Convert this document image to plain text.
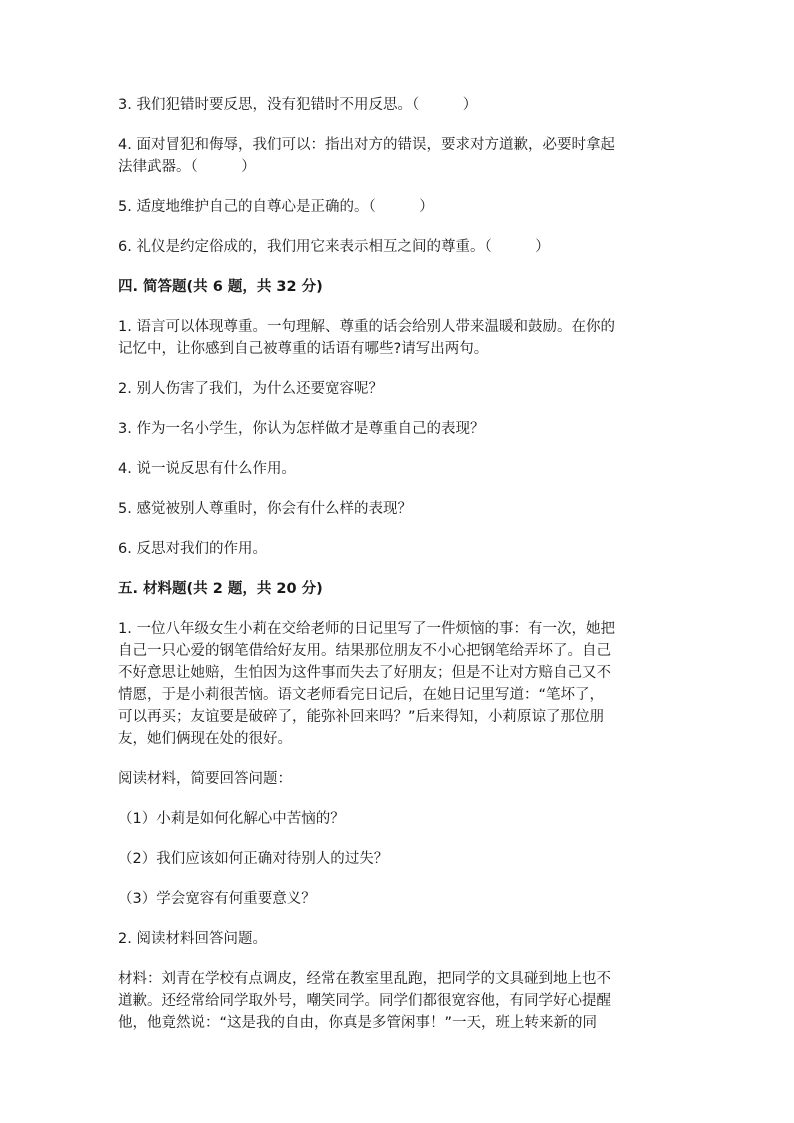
3. 我们犯错时要反思，没有犯错时不用反思。（　　　）

4. 面对冒犯和侮辱，我们可以：指出对方的错误，要求对方道歉，必要时拿起

法律武器。（　　　）

5. 适度地维护自己的自尊心是正确的。（　　　）

6. 礼仪是约定俗成的，我们用它来表示相互之间的尊重。（　　　）

四. 简答题(共 6 题，共 32 分)

1. 语言可以体现尊重。一句理解、尊重的话会给别人带来温暖和鼓励。在你的

记忆中，让你感到自己被尊重的话语有哪些?请写出两句。

2. 别人伤害了我们，为什么还要宽容呢？

3. 作为一名小学生，你认为怎样做才是尊重自己的表现？

4. 说一说反思有什么作用。

5. 感觉被别人尊重时，你会有什么样的表现？

6. 反思对我们的作用。

五. 材料题(共 2 题，共 20 分)

1. 一位八年级女生小莉在交给老师的日记里写了一件烦恼的事：有一次，她把

自己一只心爱的钢笔借给好友用。结果那位朋友不小心把钢笔给弄坏了。自己

不好意思让她赔，生怕因为这件事而失去了好朋友；但是不让对方赔自己又不

情愿，于是小莉很苦恼。语文老师看完日记后，在她日记里写道：“笔坏了，

可以再买；友谊要是破碎了，能弥补回来吗？”后来得知，小莉原谅了那位朋

友，她们俩现在处的很好。

阅读材料，简要回答问题：

（1）小莉是如何化解心中苦恼的？

（2）我们应该如何正确对待别人的过失？

（3）学会宽容有何重要意义？

2. 阅读材料回答问题。

材料：刘青在学校有点调皮，经常在教室里乱跑，把同学的文具碰到地上也不

道歉。还经常给同学取外号，嘲笑同学。同学们都很宽容他，有同学好心提醒

他，他竟然说：“这是我的自由，你真是多管闲事！”一天，班上转来新的同
